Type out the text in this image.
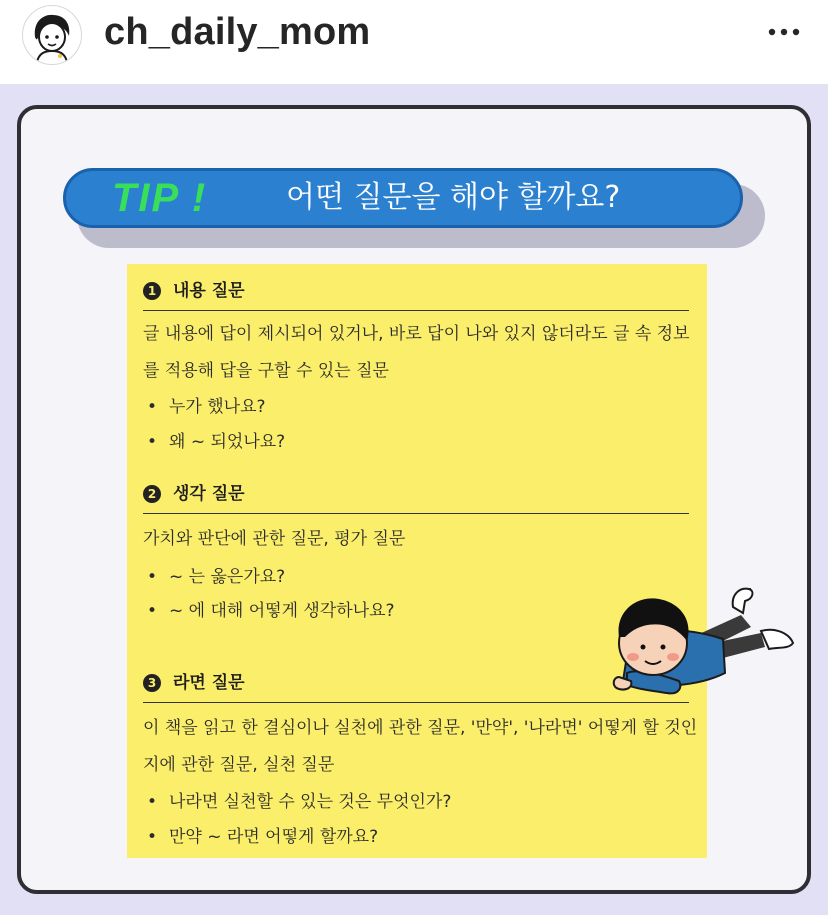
ch_daily_mom
TIP !	어떤 질문을 해야 할까요?
1 내용 질문
글 내용에 답이 제시되어 있거나, 바로 답이 나와 있지 않더라도 글 속 정보를 적용해 답을 구할 수 있는 질문
• 누가 했나요?
• 왜 ~ 되었나요?
2 생각 질문
가치와 판단에 관한 질문, 평가 질문
• ~ 는 옳은가요?
• ~ 에 대해 어떻게 생각하나요?
3 라면 질문
이 책을 읽고 한 결심이나 실천에 관한 질문, '만약', '나라면' 어떻게 할 것인지에 관한 질문, 실천 질문
• 나라면 실천할 수 있는 것은 무엇인가?
• 만약 ~ 라면 어떻게 할까요?
